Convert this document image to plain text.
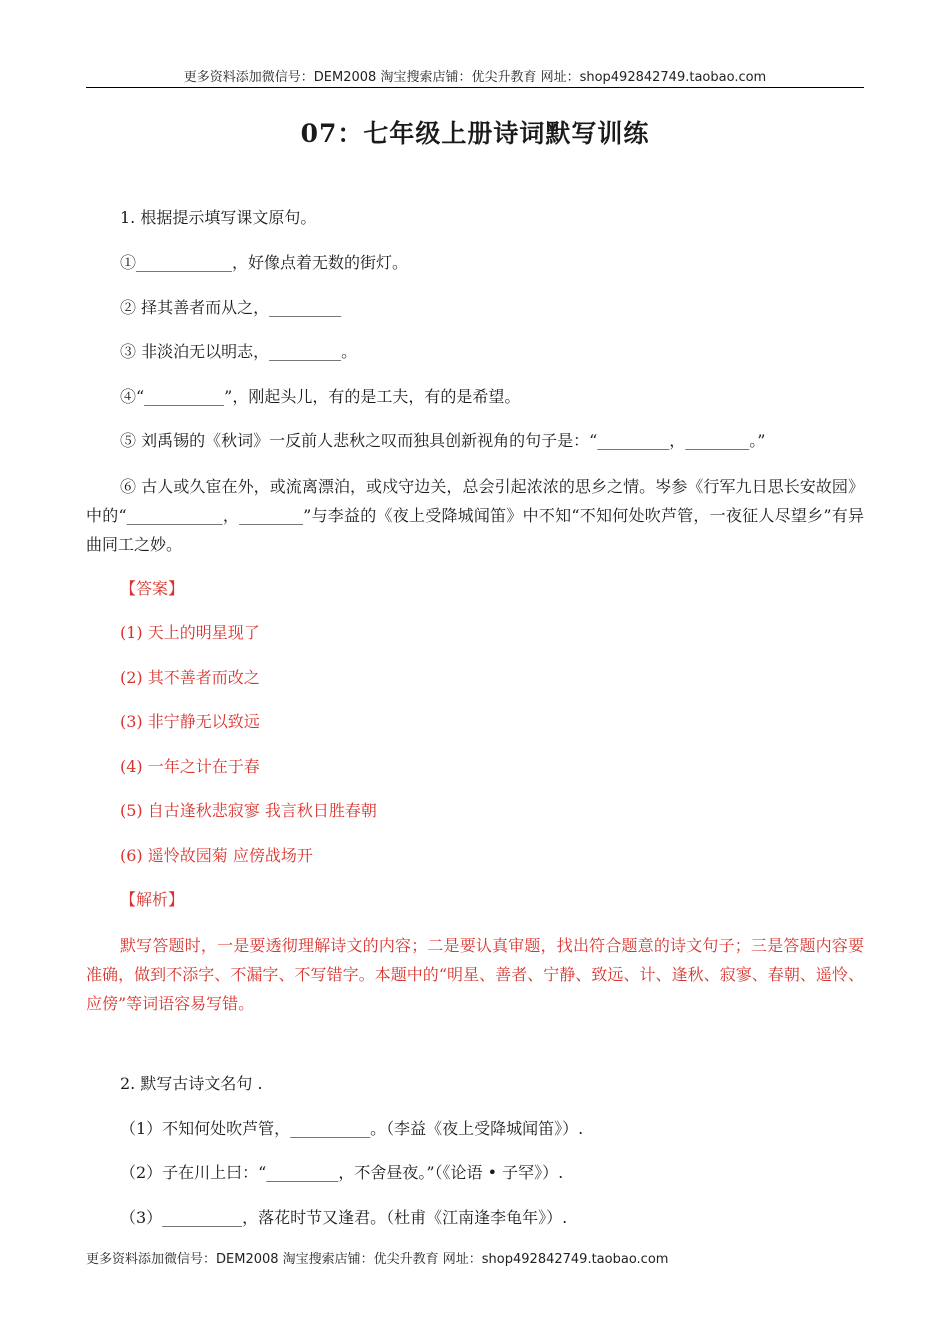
更多资料添加微信号：DEM2008 淘宝搜索店铺：优尖升教育 网址：shop492842749.taobao.com
07：七年级上册诗词默写训练
1. 根据提示填写课文原句。
①____________，好像点着无数的街灯。
② 择其善者而从之，_________
③ 非淡泊无以明志，_________。
④“__________”，刚起头儿，有的是工夫，有的是希望。
⑤ 刘禹锡的《秋词》一反前人悲秋之叹而独具创新视角的句子是：“_________，________。”
⑥ 古人或久宦在外，或流离漂泊，或戍守边关，总会引起浓浓的思乡之情。岑参《行军九日思长安故园》中的“____________，________”与李益的《夜上受降城闻笛》中不知“不知何处吹芦管，一夜征人尽望乡”有异曲同工之妙。
【答案】
(1) 天上的明星现了
(2) 其不善者而改之
(3) 非宁静无以致远
(4) 一年之计在于春
(5) 自古逢秋悲寂寥 我言秋日胜春朝
(6) 遥怜故园菊 应傍战场开
【解析】
默写答题时，一是要透彻理解诗文的内容；二是要认真审题，找出符合题意的诗文句子；三是答题内容要准确，做到不添字、不漏字、不写错字。本题中的“明星、善者、宁静、致远、计、逢秋、寂寥、春朝、遥怜、应傍”等词语容易写错。
2. 默写古诗文名句 .
（1）不知何处吹芦管，__________。（李益《夜上受降城闻笛》）.
（2）子在川上曰：“_________，不舍昼夜。”（《论语 • 子罕》）.
（3）__________，落花时节又逢君。（杜甫《江南逢李龟年》）.
更多资料添加微信号：DEM2008 淘宝搜索店铺：优尖升教育 网址：shop492842749.taobao.com
